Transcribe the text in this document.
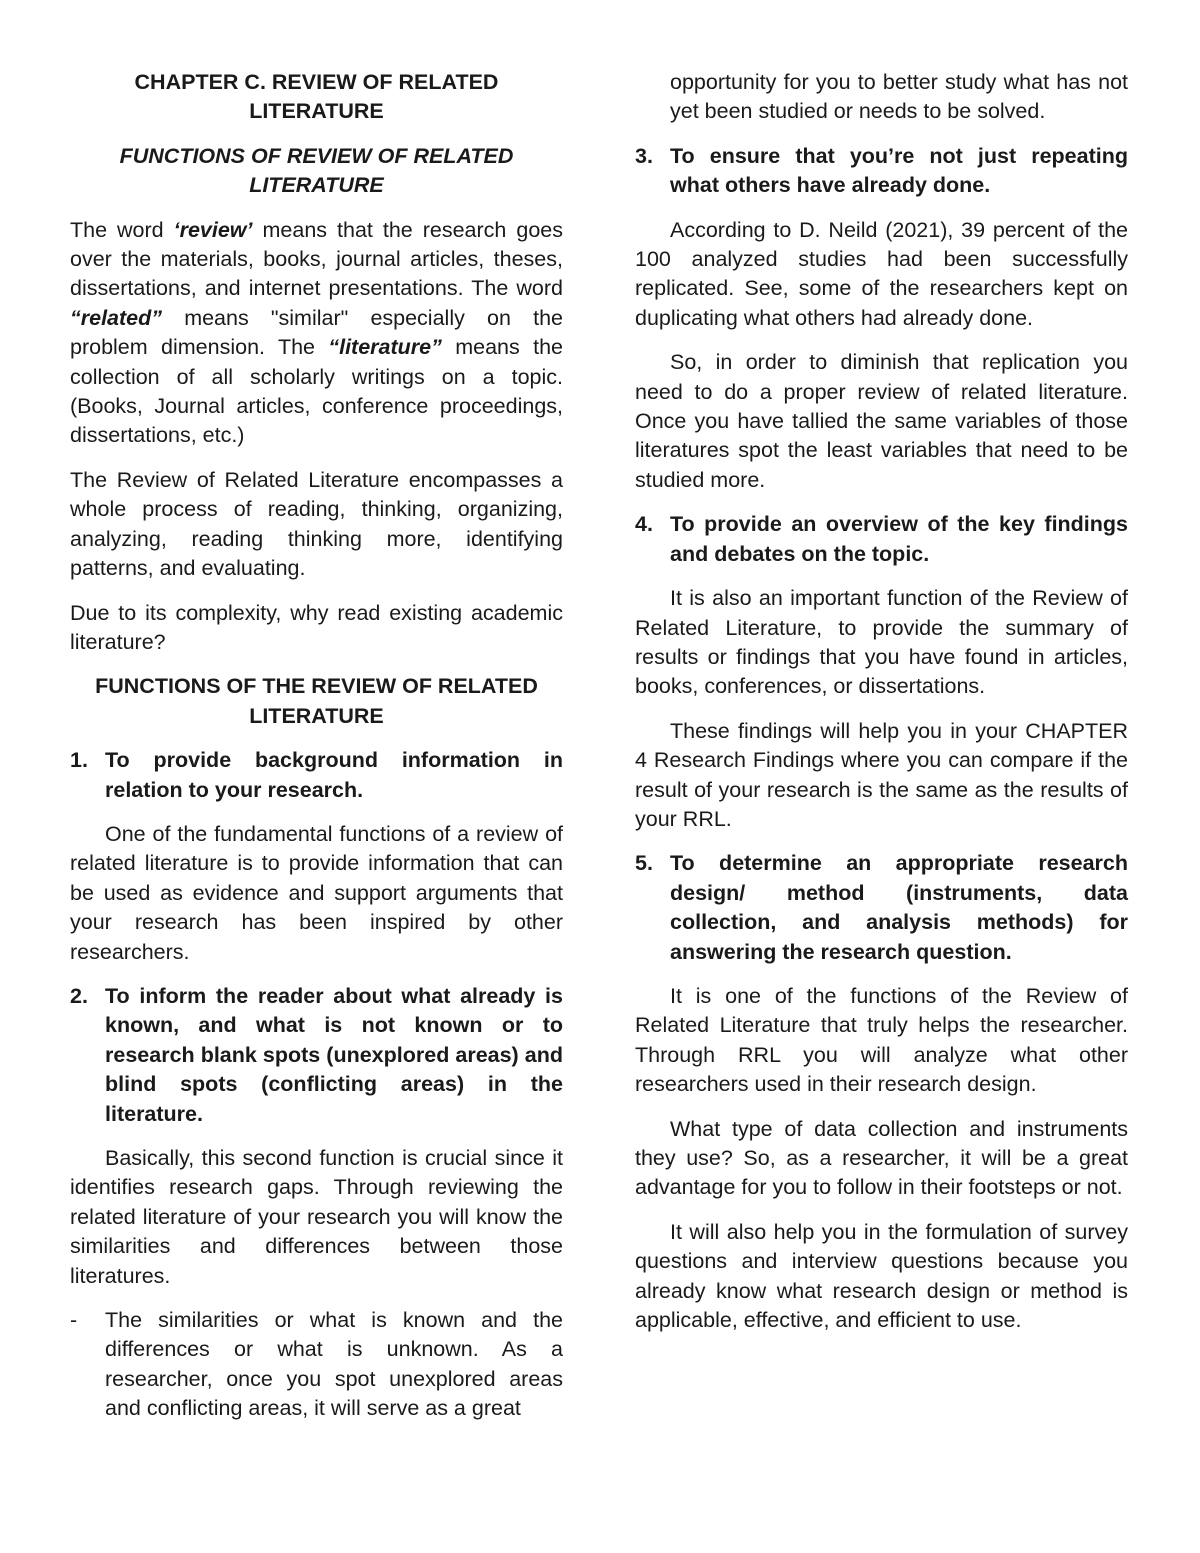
CHAPTER C. REVIEW OF RELATED LITERATURE
FUNCTIONS OF REVIEW OF RELATED LITERATURE

The word ‘review’ means that the research goes over the materials, books, journal articles, theses, dissertations, and internet presentations. The word “related” means "similar" especially on the problem dimension. The “literature” means the collection of all scholarly writings on a topic. (Books, Journal articles, conference proceedings, dissertations, etc.)

The Review of Related Literature encompasses a whole process of reading, thinking, organizing, analyzing, reading thinking more, identifying patterns, and evaluating.

Due to its complexity, why read existing academic literature?

FUNCTIONS OF THE REVIEW OF RELATED LITERATURE
1. To provide background information in relation to your research.

One of the fundamental functions of a review of related literature is to provide information that can be used as evidence and support arguments that your research has been inspired by other researchers.

2. To inform the reader about what already is known, and what is not known or to research blank spots (unexplored areas) and blind spots (conflicting areas) in the literature.

Basically, this second function is crucial since it identifies research gaps. Through reviewing the related literature of your research you will know the similarities and differences between those literatures.

-	The similarities or what is known and the differences or what is unknown. As a researcher, once you spot unexplored areas and conflicting areas, it will serve as a great

opportunity for you to better study what has not yet been studied or needs to be solved.

3. To ensure that you’re not just repeating what others have already done.

According to D. Neild (2021), 39 percent of the 100 analyzed studies had been successfully replicated. See, some of the researchers kept on duplicating what others had already done.

So, in order to diminish that replication you need to do a proper review of related literature. Once you have tallied the same variables of those literatures spot the least variables that need to be studied more.

4. To provide an overview of the key findings and debates on the topic.

It is also an important function of the Review of Related Literature, to provide the summary of results or findings that you have found in articles, books, conferences, or dissertations.

These findings will help you in your CHAPTER 4 Research Findings where you can compare if the result of your research is the same as the results of your RRL.

5. To determine an appropriate research design/ method (instruments, data collection, and analysis methods) for answering the research question.

It is one of the functions of the Review of Related Literature that truly helps the researcher. Through RRL you will analyze what other researchers used in their research design.

What type of data collection and instruments they use? So, as a researcher, it will be a great advantage for you to follow in their footsteps or not.

It will also help you in the formulation of survey questions and interview questions because you already know what research design or method is applicable, effective, and efficient to use.
